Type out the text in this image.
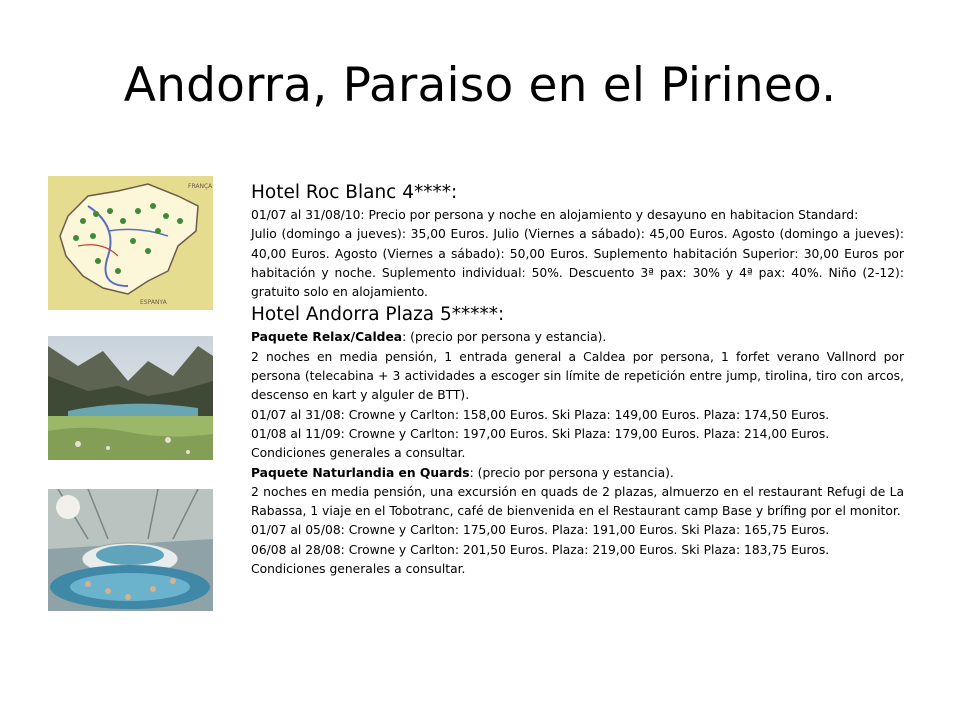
Andorra, Paraiso en el Pirineo.
FRANÇA
ESPANYA

Hotel Roc Blanc 4****:

01/07 al 31/08/10: Precio por persona y noche en alojamiento y desayuno en habitacion Standard:

Julio (domingo a jueves): 35,00 Euros. Julio (Viernes a sábado): 45,00 Euros. Agosto (domingo a jueves): 40,00 Euros. Agosto (Viernes a sábado): 50,00 Euros. Suplemento habitación Superior: 30,00 Euros por habitación y noche. Suplemento individual: 50%. Descuento 3ª pax: 30% y 4ª pax: 40%. Niño (2-12): gratuito solo en alojamiento.

Hotel Andorra Plaza 5*****:

Paquete Relax/Caldea: (precio por persona y estancia).

2 noches en media pensión, 1 entrada general a Caldea por persona, 1 forfet verano Vallnord por persona (telecabina + 3 actividades a escoger sin límite de repetición entre jump, tirolina, tiro con arcos, descenso en kart y alguler de BTT).

01/07 al 31/08: Crowne y Carlton: 158,00 Euros. Ski Plaza: 149,00 Euros. Plaza: 174,50 Euros.

01/08 al 11/09: Crowne y Carlton: 197,00 Euros. Ski Plaza: 179,00 Euros. Plaza: 214,00 Euros.

Condiciones generales a consultar.

Paquete Naturlandia en Quards: (precio por persona y estancia).

2 noches en media pensión, una excursión en quads de 2 plazas, almuerzo en el restaurant Refugi de La Rabassa, 1 viaje en el Tobotranc, café de bienvenida en el Restaurant camp Base y brífing por el monitor.

01/07 al 05/08: Crowne y Carlton: 175,00 Euros. Plaza: 191,00 Euros. Ski Plaza: 165,75 Euros.

06/08 al 28/08: Crowne y Carlton: 201,50 Euros. Plaza: 219,00 Euros. Ski Plaza: 183,75 Euros.

Condiciones generales a consultar.
